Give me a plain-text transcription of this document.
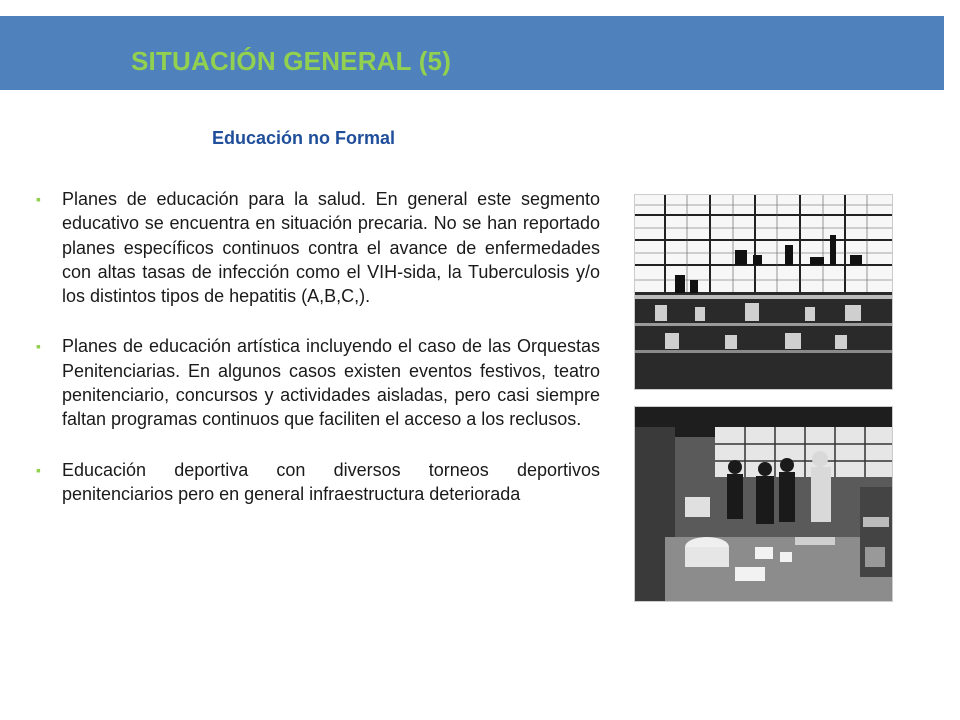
SITUACIÓN GENERAL (5)
Educación no Formal
▪ Planes de educación para la salud. En general este segmento educativo se encuentra en situación precaria. No se han reportado planes específicos continuos contra el avance de enfermedades con altas tasas de infección como el VIH-sida, la Tuberculosis y/o los distintos tipos de hepatitis (A,B,C,).
▪ Planes de educación artística incluyendo el caso de las Orquestas Penitenciarias. En algunos casos existen eventos festivos, teatro penitenciario, concursos y actividades aisladas, pero casi siempre faltan programas continuos que faciliten el acceso a los reclusos.
▪ Educación deportiva con diversos torneos deportivos penitenciarios pero en general infraestructura deteriorada
